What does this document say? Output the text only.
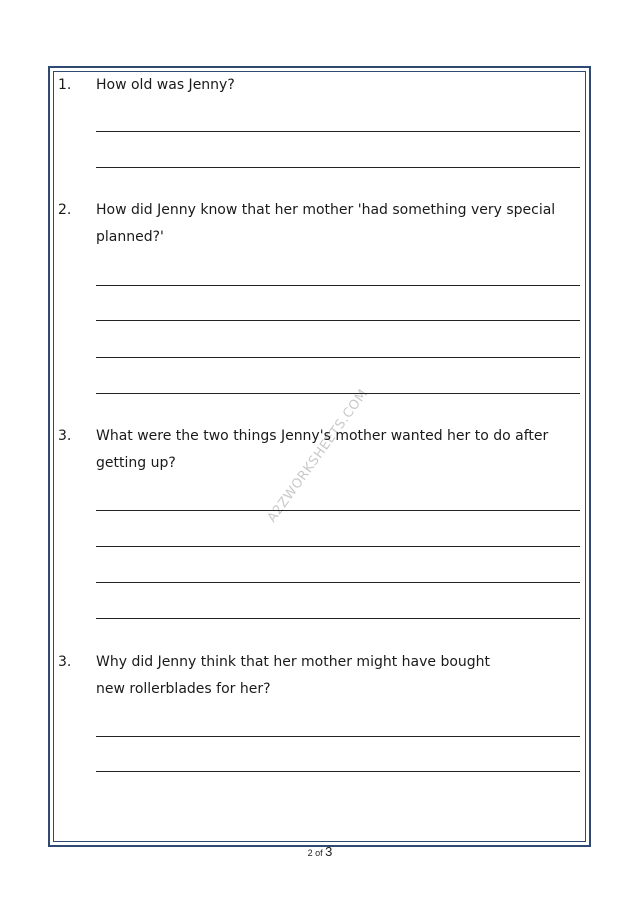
A2ZWORKSHEETS.COM
1. How old was Jenny?
2. How did Jenny know that her mother 'had something very special planned?'
3. What were the two things Jenny's mother wanted her to do after getting up?
3. Why did Jenny think that her mother might have bought new rollerblades for her?
2 of 3
